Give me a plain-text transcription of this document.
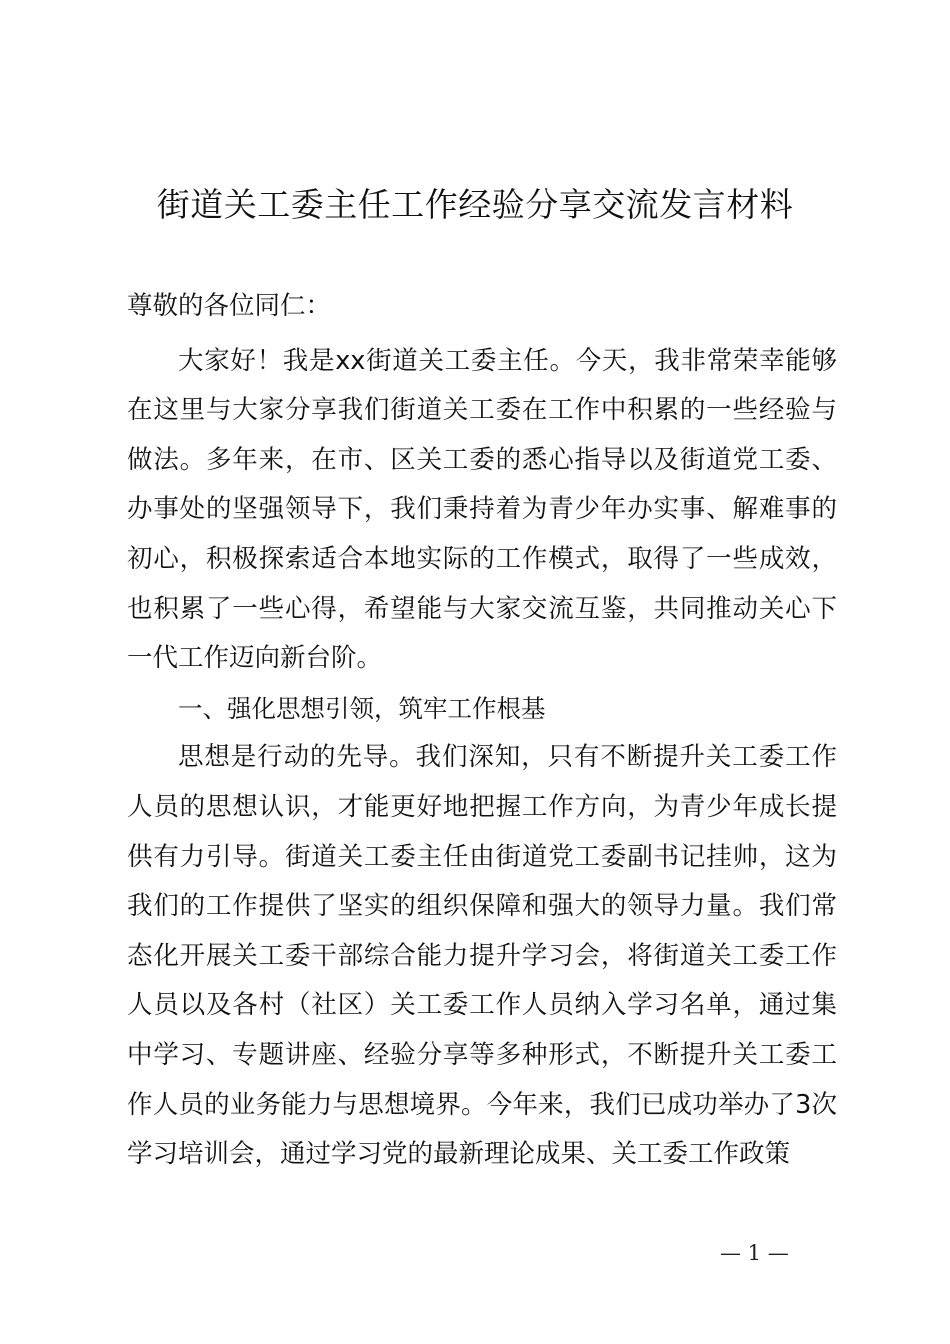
街道关工委主任工作经验分享交流发言材料

尊敬的各位同仁：

大家好！我是xx街道关工委主任。今天，我非常荣幸能够在这里与大家分享我们街道关工委在工作中积累的一些经验与做法。多年来，在市、区关工委的悉心指导以及街道党工委、办事处的坚强领导下，我们秉持着为青少年办实事、解难事的初心，积极探索适合本地实际的工作模式，取得了一些成效，也积累了一些心得，希望能与大家交流互鉴，共同推动关心下一代工作迈向新台阶。

一、强化思想引领，筑牢工作根基

思想是行动的先导。我们深知，只有不断提升关工委工作人员的思想认识，才能更好地把握工作方向，为青少年成长提供有力引导。街道关工委主任由街道党工委副书记挂帅，这为我们的工作提供了坚实的组织保障和强大的领导力量。我们常态化开展关工委干部综合能力提升学习会，将街道关工委工作人员以及各村（社区）关工委工作人员纳入学习名单，通过集中学习、专题讲座、经验分享等多种形式，不断提升关工委工作人员的业务能力与思想境界。今年来，我们已成功举办了3次学习培训会，通过学习党的最新理论成果、关工委工作政策

— 1 —
